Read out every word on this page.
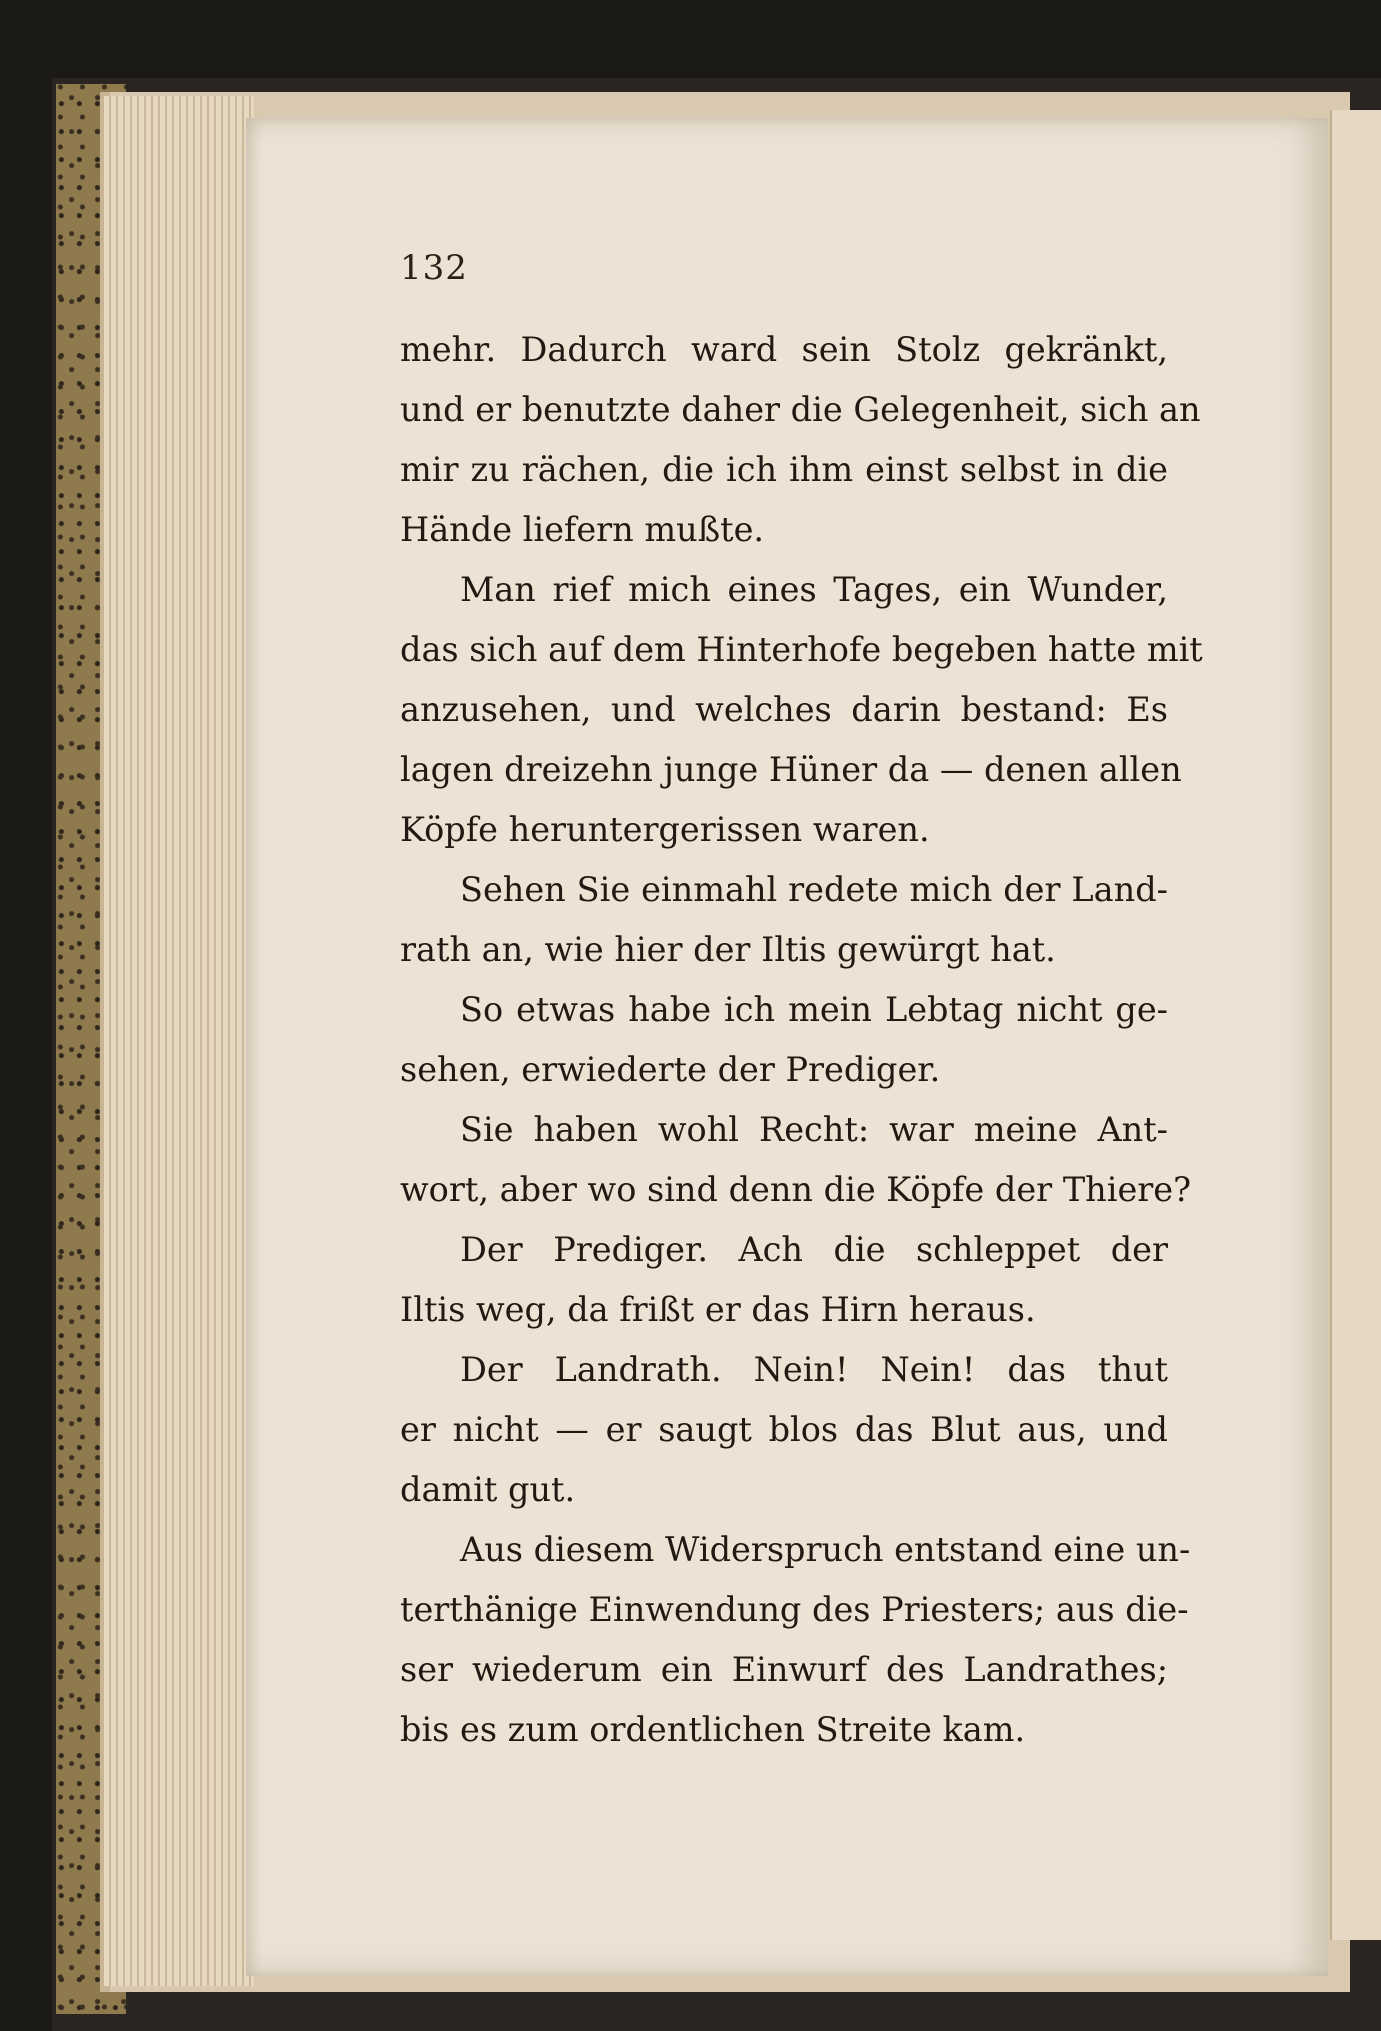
132
mehr. Dadurch ward sein Stolz gekränkt,
und er benutzte daher die Gelegenheit, sich an
mir zu rächen, die ich ihm einst selbst in die
Hände liefern mußte.
Man rief mich eines Tages, ein Wunder,
das sich auf dem Hinterhofe begeben hatte mit
anzusehen, und welches darin bestand: Es
lagen dreizehn junge Hüner da — denen allen
Köpfe heruntergerissen waren.
Sehen Sie einmahl redete mich der Land-
rath an, wie hier der Iltis gewürgt hat.
So etwas habe ich mein Lebtag nicht ge-
sehen, erwiederte der Prediger.
Sie haben wohl Recht: war meine Ant-
wort, aber wo sind denn die Köpfe der Thiere?
Der Prediger. Ach die schleppet der
Iltis weg, da frißt er das Hirn heraus.
Der Landrath. Nein! Nein! das thut
er nicht — er saugt blos das Blut aus, und
damit gut.
Aus diesem Widerspruch entstand eine un-
terthänige Einwendung des Priesters; aus die-
ser wiederum ein Einwurf des Landrathes;
bis es zum ordentlichen Streite kam.
